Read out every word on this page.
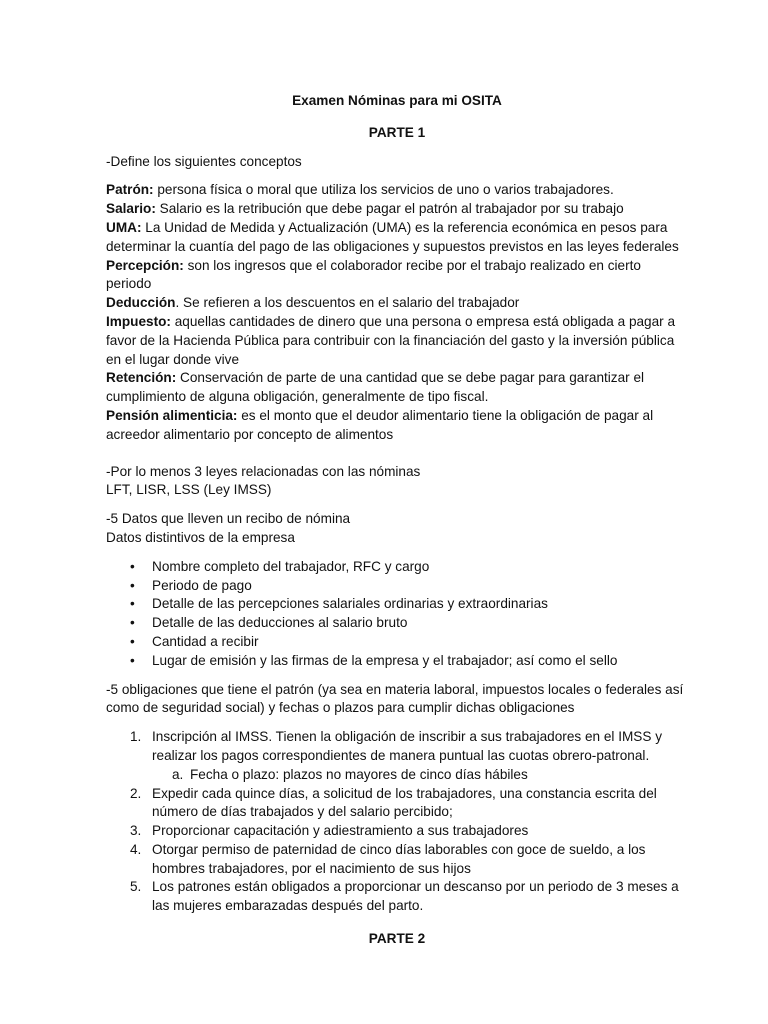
Examen Nóminas para mi OSITA

PARTE 1

-Define los siguientes conceptos

Patrón: persona física o moral que utiliza los servicios de uno o varios trabajadores.

Salario: Salario es la retribución que debe pagar el patrón al trabajador por su trabajo

UMA: La Unidad de Medida y Actualización (UMA) es la referencia económica en pesos para determinar la cuantía del pago de las obligaciones y supuestos previstos en las leyes federales

Percepción: son los ingresos que el colaborador recibe por el trabajo realizado en cierto periodo

Deducción. Se refieren a los descuentos en el salario del trabajador

Impuesto: aquellas cantidades de dinero que una persona o empresa está obligada a pagar a favor de la Hacienda Pública para contribuir con la financiación del gasto y la inversión pública en el lugar donde vive

Retención: Conservación de parte de una cantidad que se debe pagar para garantizar el cumplimiento de alguna obligación, generalmente de tipo fiscal.

Pensión alimenticia: es el monto que el deudor alimentario tiene la obligación de pagar al acreedor alimentario por concepto de alimentos

-Por lo menos 3 leyes relacionadas con las nóminas

LFT, LISR, LSS (Ley IMSS)

-5 Datos que lleven un recibo de nómina

Datos distintivos de la empresa

• Nombre completo del trabajador, RFC y cargo
• Periodo de pago
• Detalle de las percepciones salariales ordinarias y extraordinarias
• Detalle de las deducciones al salario bruto
• Cantidad a recibir
• Lugar de emisión y las firmas de la empresa y el trabajador; así como el sello

-5 obligaciones que tiene el patrón (ya sea en materia laboral, impuestos locales o federales así como de seguridad social) y fechas o plazos para cumplir dichas obligaciones

1. Inscripción al IMSS. Tienen la obligación de inscribir a sus trabajadores en el IMSS y realizar los pagos correspondientes de manera puntual las cuotas obrero-patronal.
a. Fecha o plazo: plazos no mayores de cinco días hábiles
2. Expedir cada quince días, a solicitud de los trabajadores, una constancia escrita del número de días trabajados y del salario percibido;
3. Proporcionar capacitación y adiestramiento a sus trabajadores
4. Otorgar permiso de paternidad de cinco días laborables con goce de sueldo, a los hombres trabajadores, por el nacimiento de sus hijos
5. Los patrones están obligados a proporcionar un descanso por un periodo de 3 meses a las mujeres embarazadas después del parto.

PARTE 2
